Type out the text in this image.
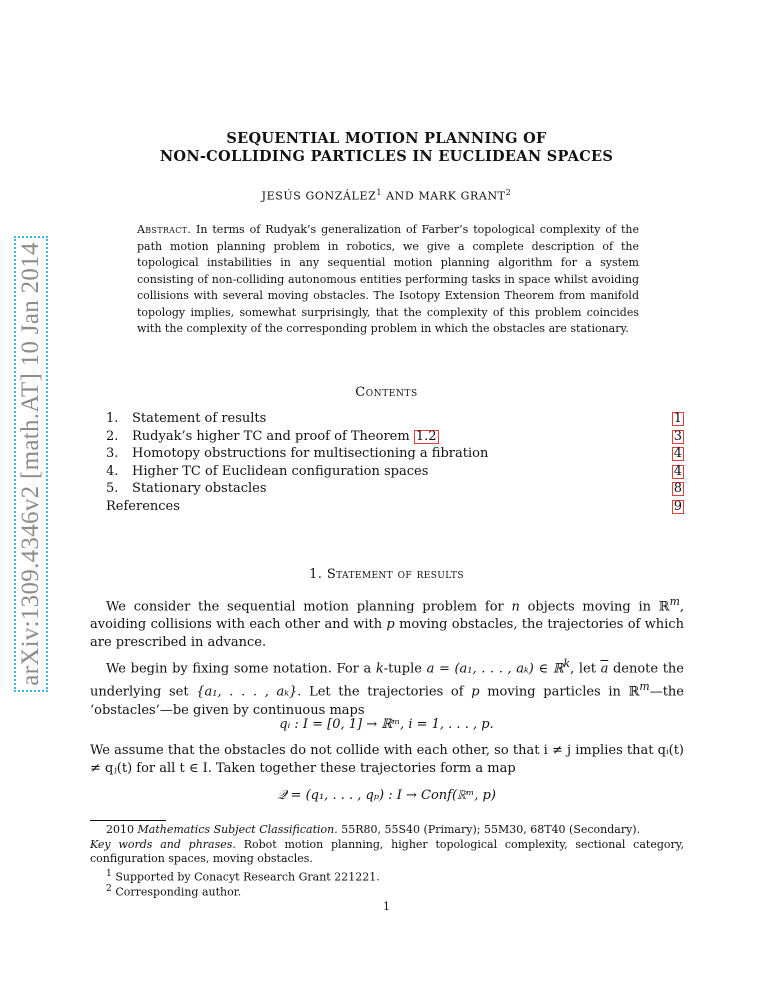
arXiv:1309.4346v2 [math.AT] 10 Jan 2014
SEQUENTIAL MOTION PLANNING OF
NON-COLLIDING PARTICLES IN EUCLIDEAN SPACES
JESÚS GONZÁLEZ$^1$ AND MARK GRANT$^2$
Abstract. In terms of Rudyak’s generalization of Farber’s topological complexity of the path motion planning problem in robotics, we give a complete description of the topological instabilities in any sequential motion planning algorithm for a system consisting of non-colliding autonomous entities performing tasks in space whilst avoiding collisions with several moving obstacles. The Isotopy Extension Theorem from manifold topology implies, somewhat surprisingly, that the complexity of this problem coincides with the complexity of the corresponding problem in which the obstacles are stationary.
Contents
1. Statement of results	1
2. Rudyak’s higher TC and proof of Theorem 1.2	3
3. Homotopy obstructions for multisectioning a fibration	4
4. Higher TC of Euclidean configuration spaces	4
5. Stationary obstacles	8
References	9
1. Statement of results
We consider the sequential motion planning problem for n objects moving in ℝ$^m$, avoiding collisions with each other and with p moving obstacles, the trajectories of which are prescribed in advance.
We begin by fixing some notation. For a k-tuple a = (a₁, . . . , aₖ) ∈ ℝ$^k$, let $\overline{a}$ denote the underlying set {a₁, . . . , aₖ}. Let the trajectories of p moving particles in ℝ$^m$—the ‘obstacles’—be given by continuous maps
qᵢ : I = [0, 1] → ℝᵐ, i = 1, . . . , p.
We assume that the obstacles do not collide with each other, so that i ≠ j implies that qᵢ(t) ≠ qⱼ(t) for all t ∈ I. Taken together these trajectories form a map
𝒬 = (q₁, . . . , qₚ) : I → Conf(ℝᵐ, p)
2010 Mathematics Subject Classification. 55R80, 55S40 (Primary); 55M30, 68T40 (Secondary).
Key words and phrases. Robot motion planning, higher topological complexity, sectional category, configuration spaces, moving obstacles.
$^1$ Supported by Conacyt Research Grant 221221.
$^2$ Corresponding author.
1
